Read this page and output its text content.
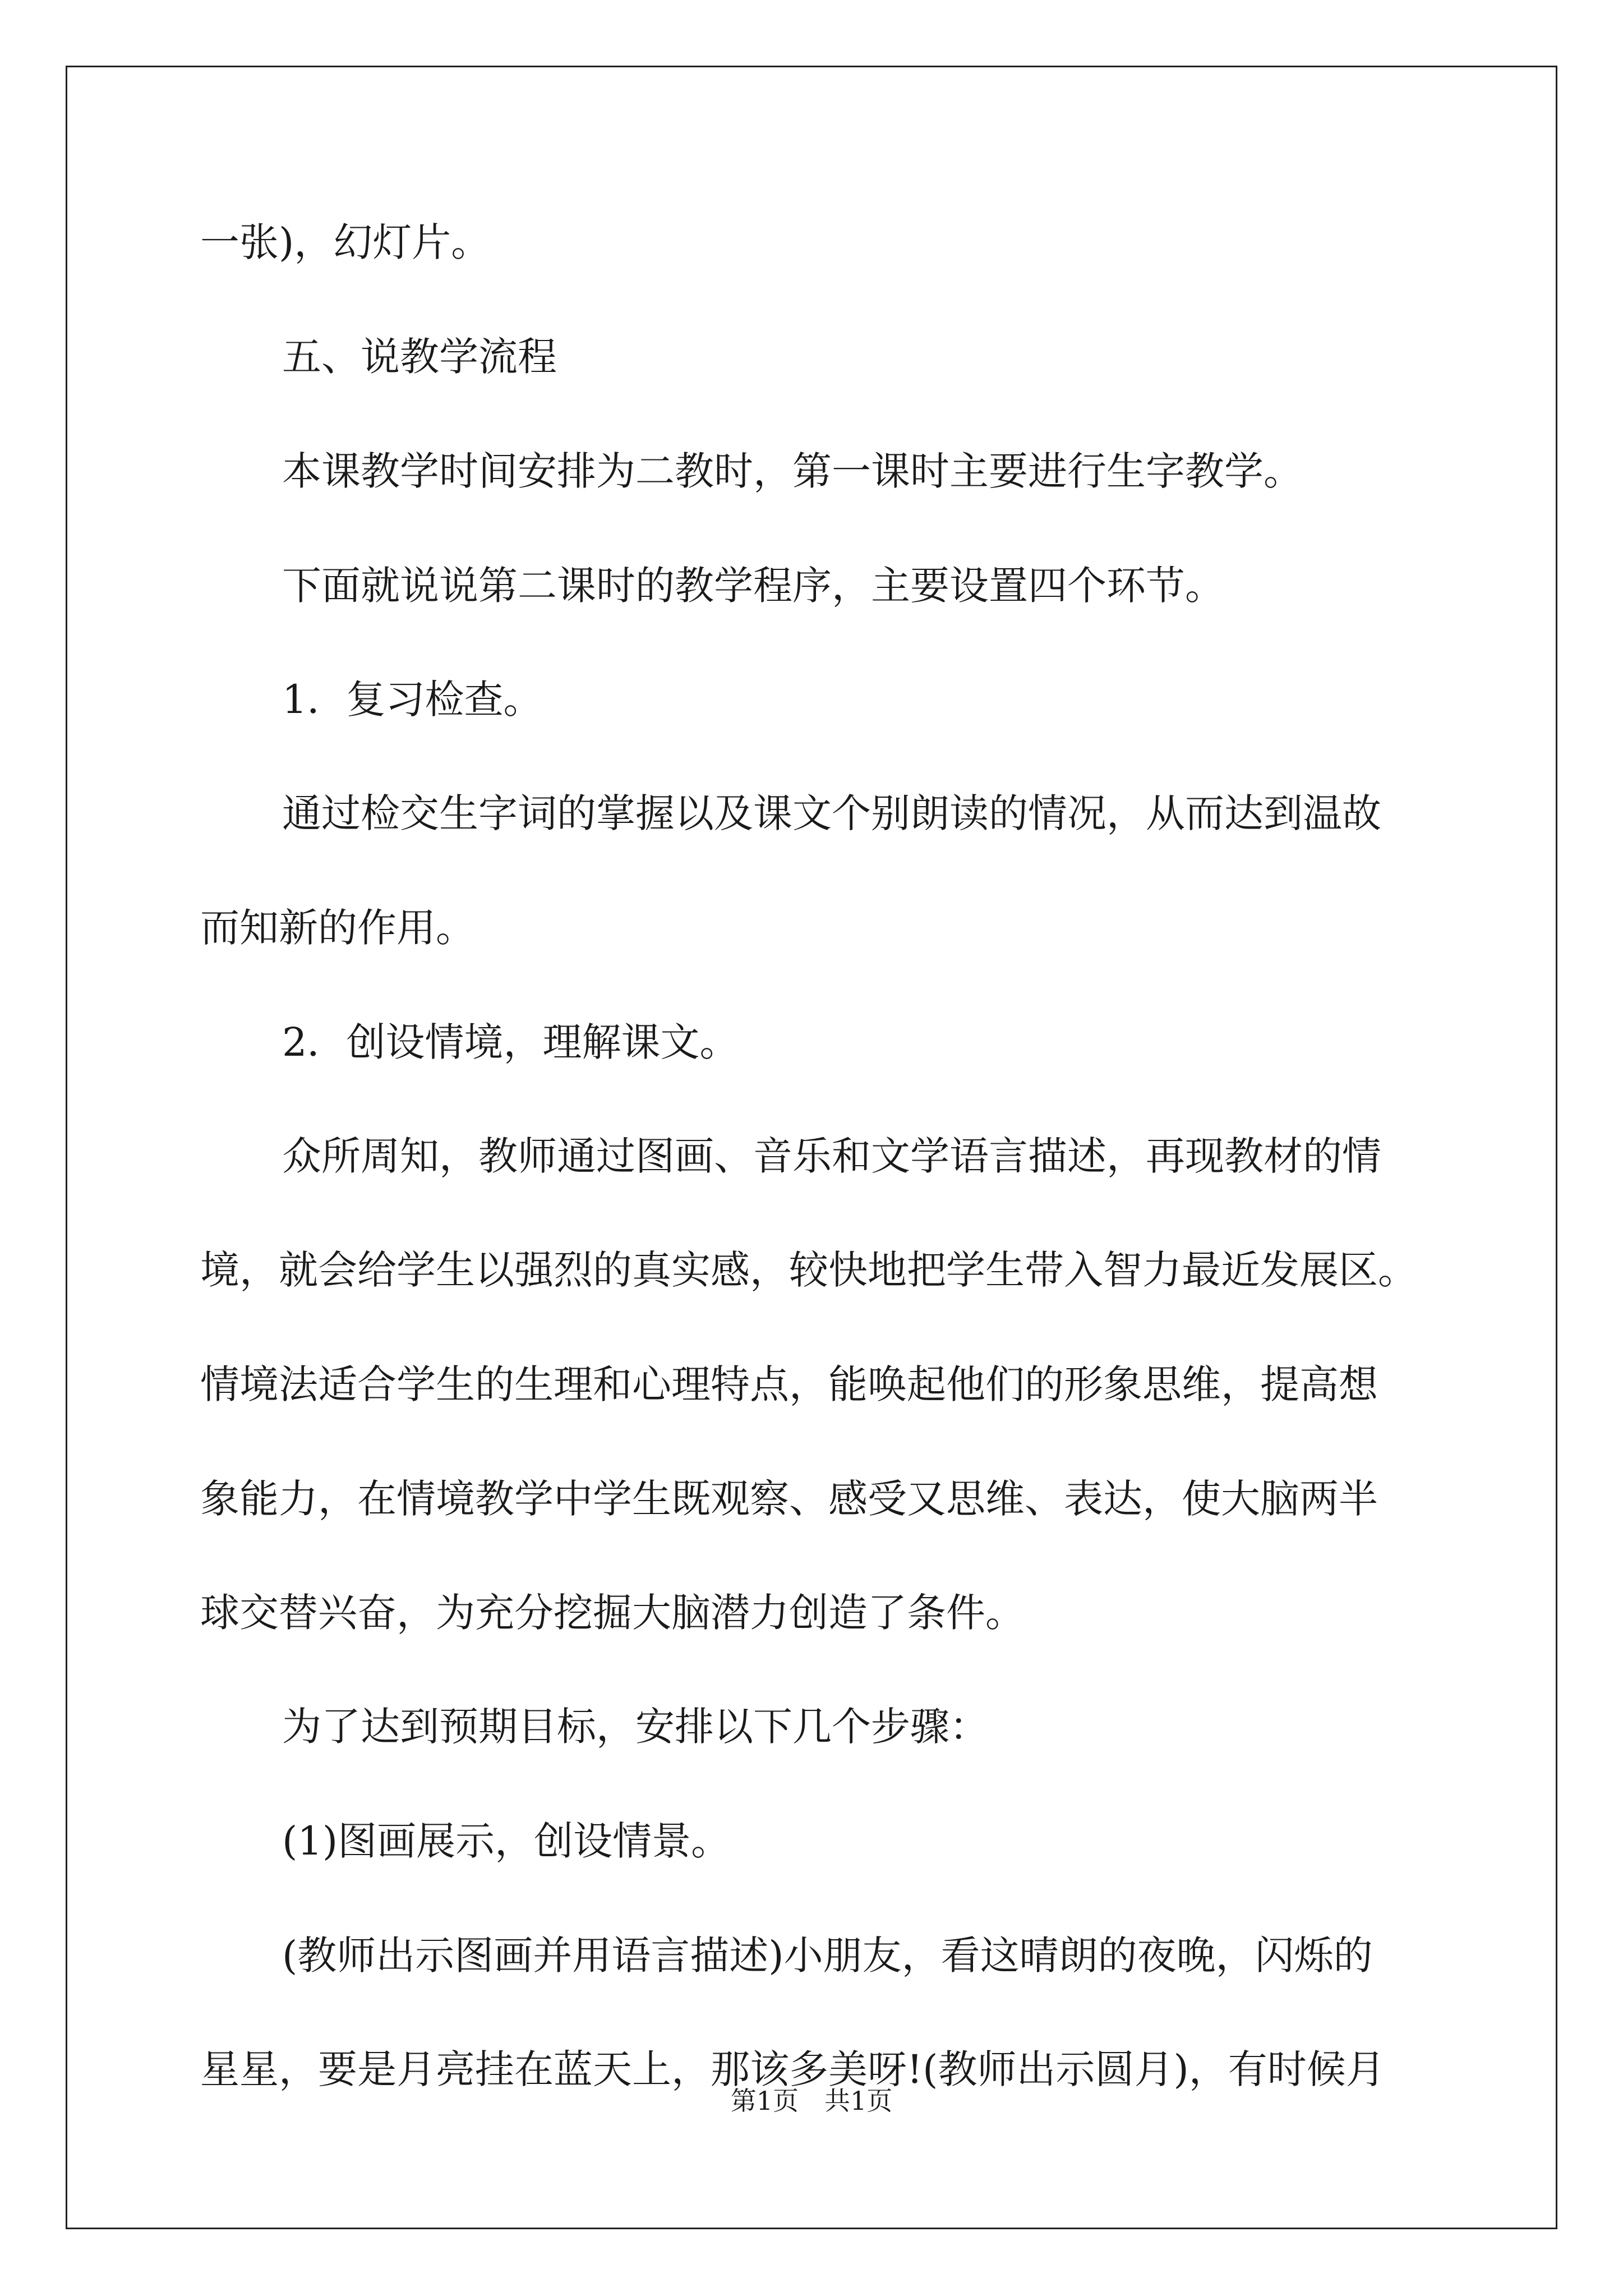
一张)，幻灯片。
五、说教学流程
本课教学时间安排为二教时，第一课时主要进行生字教学。
下面就说说第二课时的教学程序，主要设置四个环节。
1．复习检查。
通过检交生字词的掌握以及课文个别朗读的情况，从而达到温故
而知新的作用。
2．创设情境，理解课文。
众所周知，教师通过图画、音乐和文学语言描述，再现教材的情
境，就会给学生以强烈的真实感，较快地把学生带入智力最近发展区。
情境法适合学生的生理和心理特点，能唤起他们的形象思维，提高想
象能力，在情境教学中学生既观察、感受又思维、表达，使大脑两半
球交替兴奋，为充分挖掘大脑潜力创造了条件。
为了达到预期目标，安排以下几个步骤：
(1)图画展示，创设情景。
(教师出示图画并用语言描述)小朋友，看这晴朗的夜晚，闪烁的
星星，要是月亮挂在蓝天上，那该多美呀!(教师出示圆月)，有时候月
第1页　共1页
